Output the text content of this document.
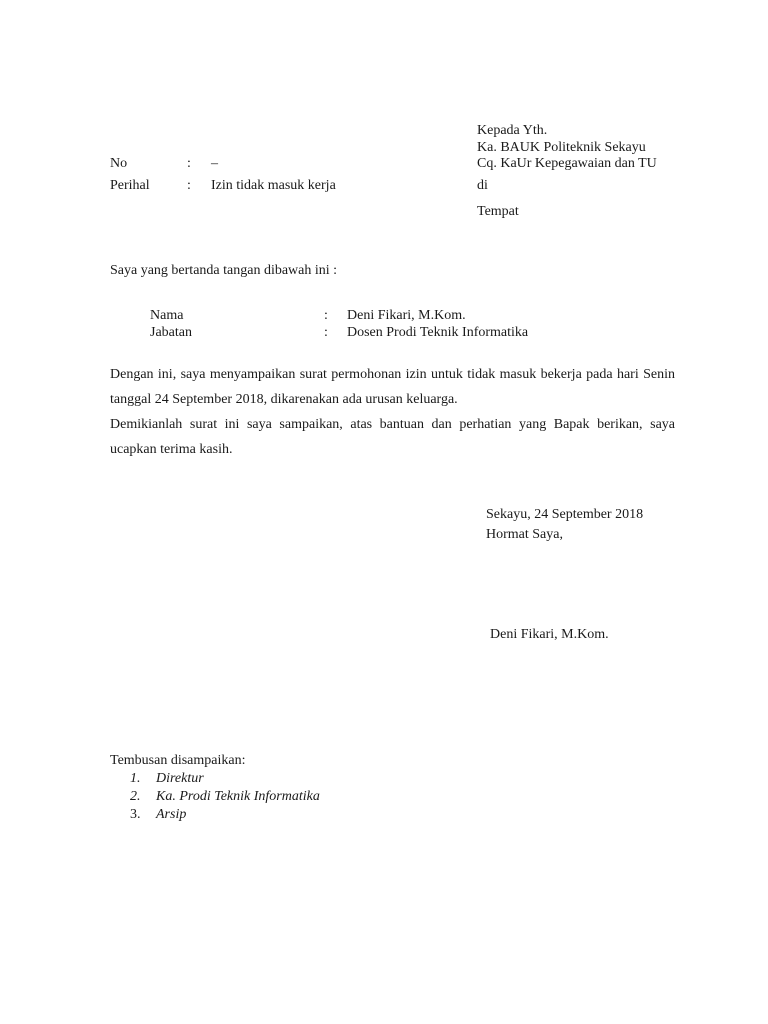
Kepada Yth.
Ka. BAUK Politeknik Sekayu
Cq. KaUr Kepegawaian dan TU
di
Tempat
No	: –
Perihal	: Izin tidak masuk kerja
Saya yang bertanda tangan dibawah ini :
Nama	: Deni Fikari, M.Kom.
Jabatan	: Dosen Prodi Teknik Informatika
Dengan ini, saya menyampaikan surat permohonan izin untuk tidak masuk bekerja pada hari Senin tanggal 24 September 2018, dikarenakan ada urusan keluarga.
Demikianlah surat ini saya sampaikan, atas bantuan dan perhatian yang Bapak berikan, saya ucapkan terima kasih.
Sekayu, 24 September 2018
Hormat Saya,
Deni Fikari, M.Kom.
Tembusan disampaikan:
1. Direktur
2. Ka. Prodi Teknik Informatika
3. Arsip
